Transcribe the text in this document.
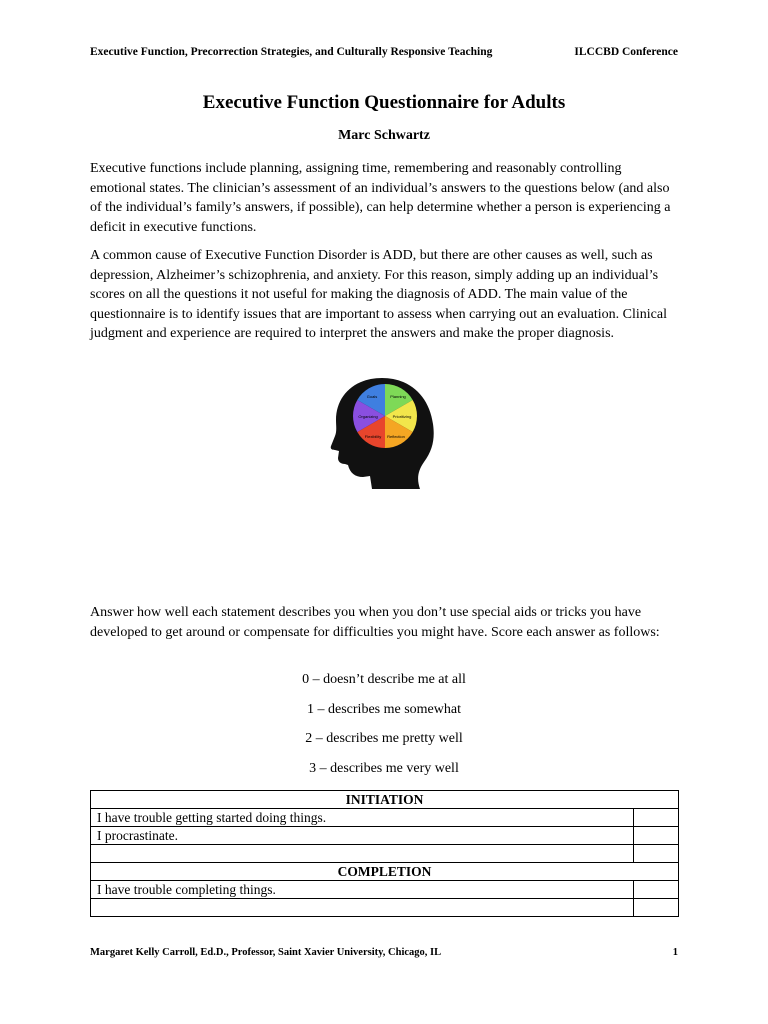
Executive Function, Precorrection Strategies, and Culturally Responsive Teaching	ILCCBD Conference
Executive Function Questionnaire for Adults
Marc Schwartz

Executive functions include planning, assigning time, remembering and reasonably controlling emotional states. The clinician’s assessment of an individual’s answers to the questions below (and also of the individual’s family’s answers, if possible), can help determine whether a person is experiencing a deficit in executive functions.

A common cause of Executive Function Disorder is ADD, but there are other causes as well, such as depression, Alzheimer’s schizophrenia, and anxiety. For this reason, simply adding up an individual’s scores on all the questions it not useful for making the diagnosis of ADD. The main value of the questionnaire is to identify issues that are important to assess when carrying out an evaluation. Clinical judgment and experience are required to interpret the answers and make the proper diagnosis.

Goals	Planning
Prioritizing
Reflection
Flexibility
Organizing

Answer how well each statement describes you when you don’t use special aids or tricks you have developed to get around or compensate for difficulties you might have. Score each answer as follows:

0 – doesn’t describe me at all
1 – describes me somewhat
2 – describes me pretty well
3 – describes me very well
INITIATION	
I have trouble getting started doing things.	
I procrastinate.	

COMPLETION	
I have trouble completing things.	

Margaret Kelly Carroll, Ed.D., Professor, Saint Xavier University, Chicago, IL	1
